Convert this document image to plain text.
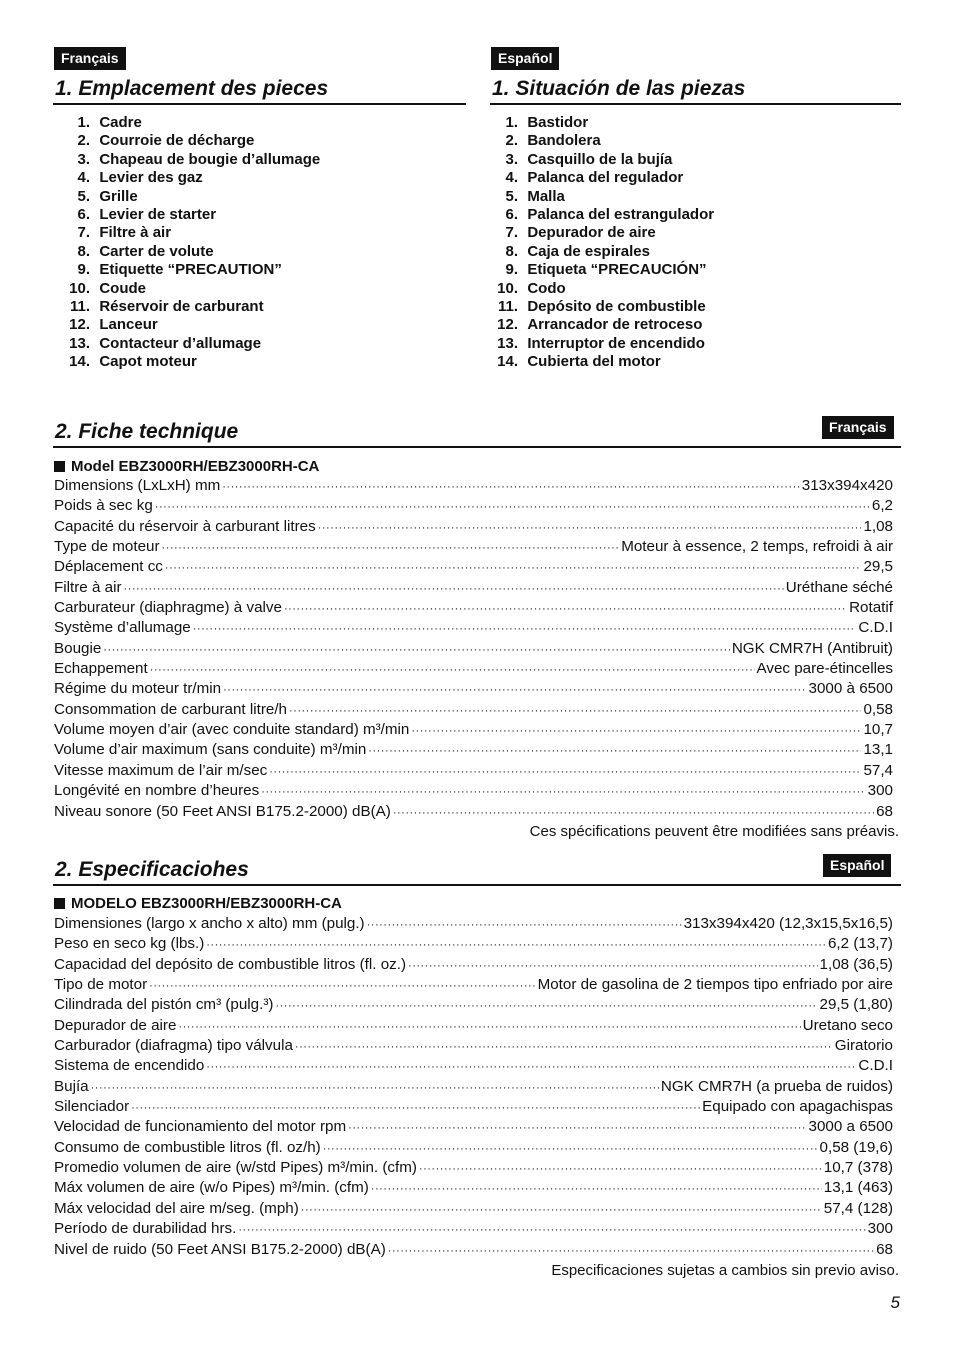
Français	Español
1. Emplacement des pieces	1. Situación de las piezas
1. Cadre
2. Courroie de décharge
3. Chapeau de bougie d’allumage
4. Levier des gaz
5. Grille
6. Levier de starter
7. Filtre à air
8. Carter de volute
9. Etiquette “PRECAUTION”
10. Coude
11. Réservoir de carburant
12. Lanceur
13. Contacteur d’allumage
14. Capot moteur
1. Bastidor
2. Bandolera
3. Casquillo de la bujía
4. Palanca del regulador
5. Malla
6. Palanca del estrangulador
7. Depurador de aire
8. Caja de espirales
9. Etiqueta “PRECAUCIÓN”
10. Codo
11. Depósito de combustible
12. Arrancador de retroceso
13. Interruptor de encendido
14. Cubierta del motor
2. Fiche technique	Français
Model EBZ3000RH/EBZ3000RH-CA
Dimensions (LxLxH) mm ·····	313x394x420
Poids à sec kg ·····	6,2
Capacité du réservoir à carburant litres ·····	1,08
Type de moteur ·····	Moteur à essence, 2 temps, refroidi à air
Déplacement cc ·····	29,5
Filtre à air ·····	Uréthane séché
Carburateur (diaphragme) à valve ·····	Rotatif
Système d’allumage ·····	C.D.I
Bougie ·····	NGK CMR7H (Antibruit)
Echappement ·····	Avec pare-étincelles
Régime du moteur tr/min ·····	3000 à 6500
Consommation de carburant litre/h ·····	0,58
Volume moyen d’air (avec conduite standard) m³/min ·····	10,7
Volume d’air maximum (sans conduite) m³/min ·····	13,1
Vitesse maximum de l’air m/sec ·····	57,4
Longévité en nombre d’heures ·····	300
Niveau sonore (50 Feet ANSI B175.2-2000) dB(A) ·····	68
Ces spécifications peuvent être modifiées sans préavis.
2. Especificaciohes	Español
MODELO EBZ3000RH/EBZ3000RH-CA
Dimensiones (largo x ancho x alto) mm (pulg.) ·····	313x394x420 (12,3x15,5x16,5)
Peso en seco kg (lbs.) ·····	6,2 (13,7)
Capacidad del depósito de combustible litros (fl. oz.) ·····	1,08 (36,5)
Tipo de motor ·····	Motor de gasolina de 2 tiempos tipo enfriado por aire
Cilindrada del pistón cm³ (pulg.³) ·····	29,5 (1,80)
Depurador de aire ·····	Uretano seco
Carburador (diafragma) tipo válvula ·····	Giratorio
Sistema de encendido ·····	C.D.I
Bujía ·····	NGK CMR7H (a prueba de ruidos)
Silenciador ·····	Equipado con apagachispas
Velocidad de funcionamiento del motor rpm ·····	3000 a 6500
Consumo de combustible litros (fl. oz/h) ·····	0,58 (19,6)
Promedio volumen de aire (w/std Pipes) m³/min. (cfm) ·····	10,7 (378)
Máx volumen de aire (w/o Pipes) m³/min. (cfm) ·····	13,1 (463)
Máx velocidad del aire m/seg. (mph) ·····	57,4 (128)
Período de durabilidad hrs. ·····	300
Nivel de ruido (50 Feet ANSI B175.2-2000) dB(A) ·····	68
Especificaciones sujetas a cambios sin previo aviso.
5
